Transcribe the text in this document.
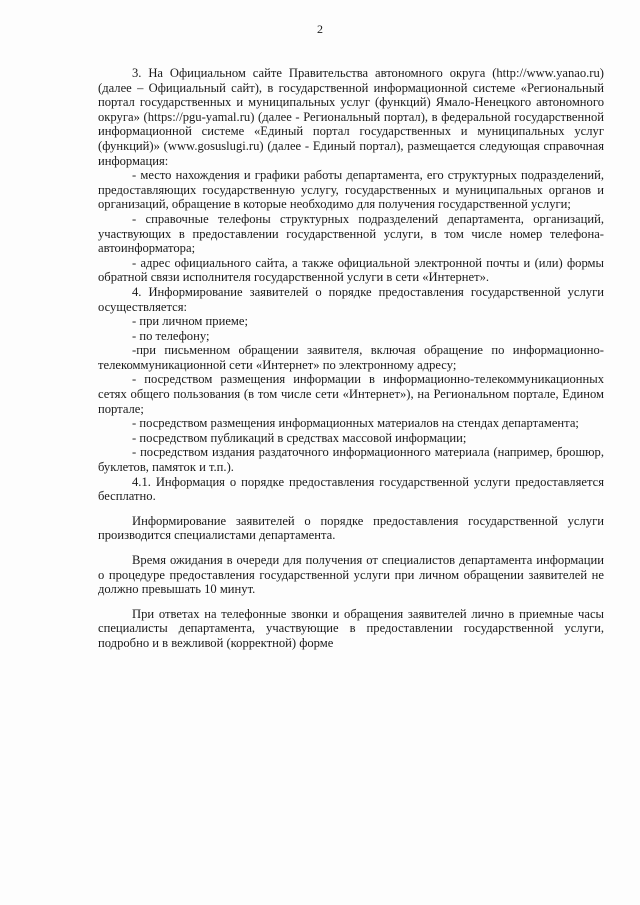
2

3. На Официальном сайте Правительства автономного округа (http://www.yanao.ru) (далее – Официальный сайт), в государственной информационной системе «Региональный портал государственных и муниципальных услуг (функций) Ямало-Ненецкого автономного округа» (https://pgu-yamal.ru) (далее - Региональный портал), в федеральной государственной информационной системе «Единый портал государственных и муниципальных услуг (функций)» (www.gosuslugi.ru) (далее - Единый портал), размещается следующая справочная информация:

- место нахождения и графики работы департамента, его структурных подразделений, предоставляющих государственную услугу, государственных и муниципальных органов и организаций, обращение в которые необходимо для получения государственной услуги;

- справочные телефоны структурных подразделений департамента, организаций, участвующих в предоставлении государственной услуги, в том числе номер телефона-автоинформатора;

- адрес официального сайта, а также официальной электронной почты и (или) формы обратной связи исполнителя государственной услуги в сети «Интернет».

4. Информирование заявителей о порядке предоставления государственной услуги осуществляется:

- при личном приеме;

- по телефону;

-при письменном обращении заявителя, включая обращение по информационно-телекоммуникационной сети «Интернет» по электронному адресу;

- посредством размещения информации в информационно-телекоммуникационных сетях общего пользования (в том числе сети «Интернет»), на Региональном портале, Едином портале;

- посредством размещения информационных материалов на стендах департамента;

- посредством публикаций в средствах массовой информации;

- посредством издания раздаточного информационного материала (например, брошюр, буклетов, памяток и т.п.).

4.1. Информация о порядке предоставления государственной услуги предоставляется бесплатно.

Информирование заявителей о порядке предоставления государственной услуги производится специалистами департамента.

Время ожидания в очереди для получения от специалистов департамента информации о процедуре предоставления государственной услуги при личном обращении заявителей не должно превышать 10 минут.

При ответах на телефонные звонки и обращения заявителей лично в приемные часы специалисты департамента, участвующие в предоставлении государственной услуги, подробно и в вежливой (корректной) форме
